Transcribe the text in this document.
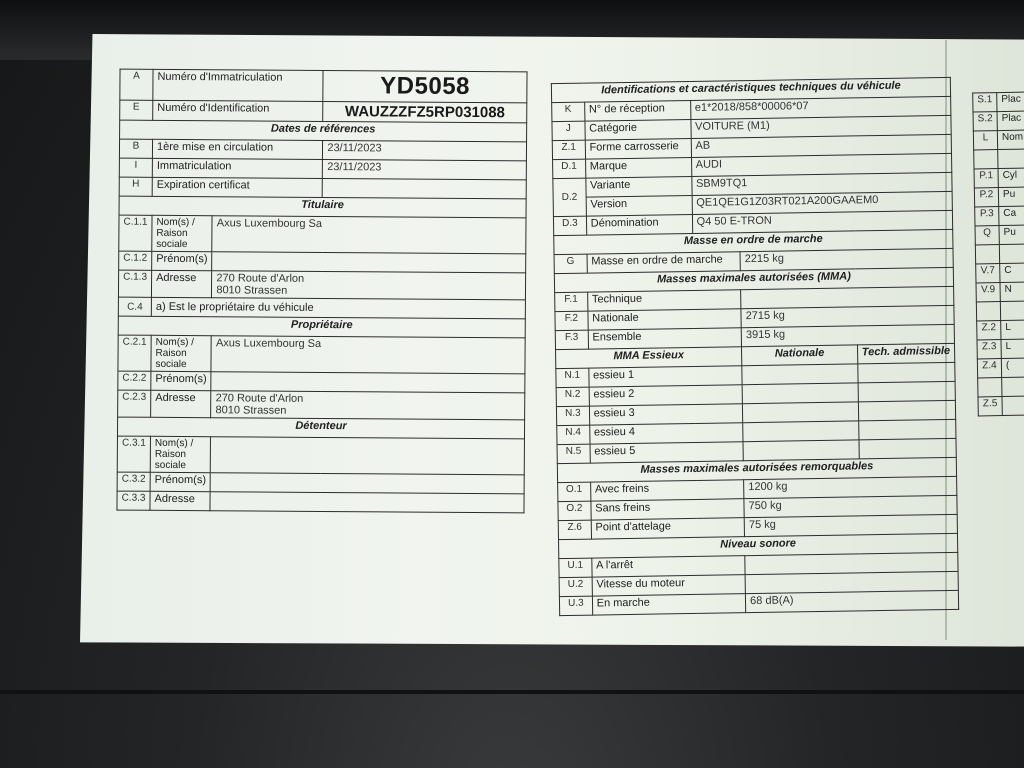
A	Numéro d'Immatriculation		YD5058
E	Numéro d'Identification		WAUZZZFZ5RP031088
Dates de références			
B	1ère mise en circulation		23/11/2023
I	Immatriculation		23/11/2023
H	Expiration certificat		
Titulaire			
C.1.1	Nom(s) / Raison sociale	Axus Luxembourg Sa	
C.1.2	Prénom(s)		
C.1.3	Adresse	270 Route d'Arlon
8010 Strassen	

C.4	a) Est le propriétaire du véhicule		
Propriétaire			
C.2.1	Nom(s) / Raison sociale	Axus Luxembourg Sa	
C.2.2	Prénom(s)		
C.2.3	Adresse	270 Route d'Arlon
8010 Strassen	

Détenteur			
C.3.1	Nom(s) / Raison sociale		
C.3.2	Prénom(s)		
C.3.3	Adresse		
Identifications et caractéristiques techniques du véhicule				
K	N° de réception	e1*2018/858*00006*07		
J	Catégorie	VOITURE (M1)		
Z.1	Forme carrosserie	AB		
D.1	Marque	AUDI		
D.2	Variante	SBM9TQ1		
	Version	QE1QE1G1Z03RT021A200GAAEM0		
D.3	Dénomination	Q4 50 E-TRON		
Masse en ordre de marche				
G	Masse en ordre de marche		2215 kg	
Masses maximales autorisées (MMA)				
F.1	Technique			
F.2	Nationale		2715 kg	
F.3	Ensemble		3915 kg	
MMA Essieux			Nationale	Tech. admissible
N.1	essieu 1			
N.2	essieu 2			
N.3	essieu 3			
N.4	essieu 4			
N.5	essieu 5			
Masses maximales autorisées remorquables				
O.1	Avec freins		1200 kg	
O.2	Sans freins		750 kg	
Z.6	Point d'attelage		75 kg	
Niveau sonore				
U.1	A l'arrêt			
U.2	Vitesse du moteur			
U.3	En marche		68 dB(A)	
S.1	Plac
S.2	Plac
L	Nom

P.1	Cyl
P.2	Pu
P.3	Ca
Q	Pu

V.7	C
V.9	N

Z.2	L
Z.3	L
Z.4	(

Z.5	
